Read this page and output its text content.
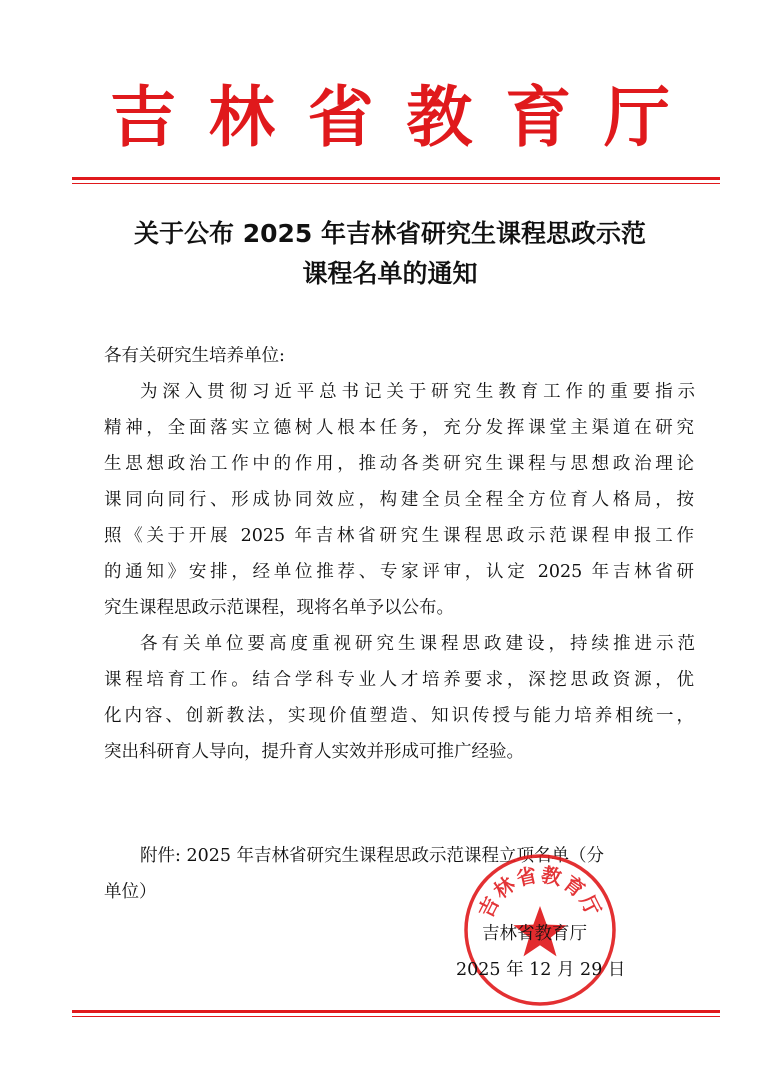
吉 林 省 教 育 厅
关于公布 2025 年吉林省研究生课程思政示范
课程名单的通知
各有关研究生培养单位:
为深入贯彻习近平总书记关于研究生教育工作的重要指示
精神，全面落实立德树人根本任务，充分发挥课堂主渠道在研究
生思想政治工作中的作用，推动各类研究生课程与思想政治理论
课同向同行、形成协同效应，构建全员全程全方位育人格局，按
照《关于开展 2025 年吉林省研究生课程思政示范课程申报工作
的通知》安排，经单位推荐、专家评审，认定 2025 年吉林省研
究生课程思政示范课程，现将名单予以公布。
各有关单位要高度重视研究生课程思政建设，持续推进示范
课程培育工作。结合学科专业人才培养要求，深挖思政资源，优
化内容、创新教法，实现价值塑造、知识传授与能力培养相统一，
突出科研育人导向，提升育人实效并形成可推广经验。
附件: 2025 年吉林省研究生课程思政示范课程立项名单（分
单位）	吉林省教育厅
吉林省教育厅
2025 年 12 月 29 日
